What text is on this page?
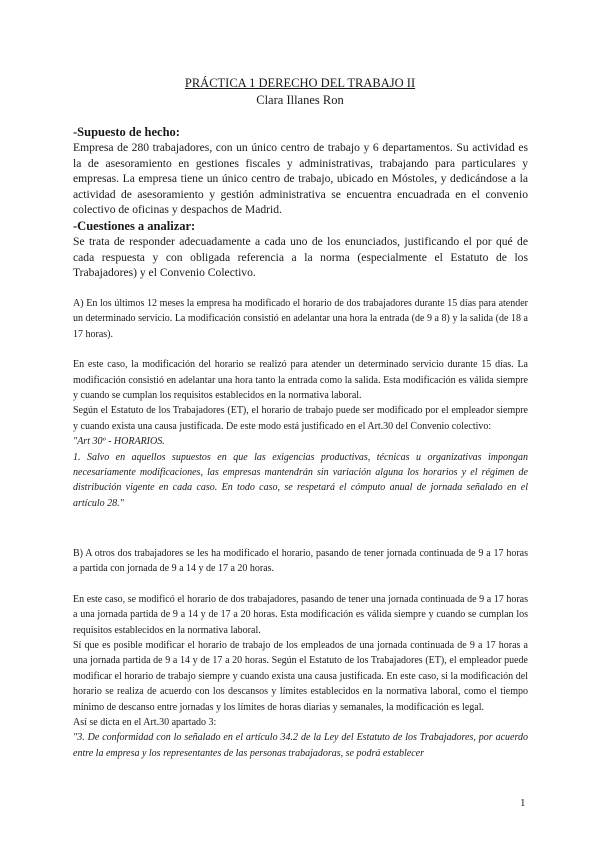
PRÁCTICA 1 DERECHO DEL TRABAJO II
Clara Illanes Ron
-Supuesto de hecho:

Empresa de 280 trabajadores, con un único centro de trabajo y 6 departamentos. Su actividad es la de asesoramiento en gestiones fiscales y administrativas, trabajando para particulares y empresas. La empresa tiene un único centro de trabajo, ubicado en Móstoles, y dedicándose a la actividad de asesoramiento y gestión administrativa se encuentra encuadrada en el convenio colectivo de oficinas y despachos de Madrid.

-Cuestiones a analizar:

Se trata de responder adecuadamente a cada uno de los enunciados, justificando el por qué de cada respuesta y con obligada referencia a la norma (especialmente el Estatuto de los Trabajadores) y el Convenio Colectivo.

A) En los últimos 12 meses la empresa ha modificado el horario de dos trabajadores durante 15 días para atender un determinado servicio. La modificación consistió en adelantar una hora la entrada (de 9 a 8) y la salida (de 18 a 17 horas).

En este caso, la modificación del horario se realizó para atender un determinado servicio durante 15 días. La modificación consistió en adelantar una hora tanto la entrada como la salida. Esta modificación es válida siempre y cuando se cumplan los requisitos establecidos en la normativa laboral.

Según el Estatuto de los Trabajadores (ET), el horario de trabajo puede ser modificado por el empleador siempre y cuando exista una causa justificada. De este modo está justificado en el Art.30 del Convenio colectivo:

"Art 30º - HORARIOS.

1. Salvo en aquellos supuestos en que las exigencias productivas, técnicas u organizativas impongan necesariamente modificaciones, las empresas mantendrán sin variación alguna los horarios y el régimen de distribución vigente en cada caso. En todo caso, se respetará el cómputo anual de jornada señalado en el artículo 28."

B) A otros dos trabajadores se les ha modificado el horario, pasando de tener jornada continuada de 9 a 17 horas a partida con jornada de 9 a 14 y de 17 a 20 horas.

En este caso, se modificó el horario de dos trabajadores, pasando de tener una jornada continuada de 9 a 17 horas a una jornada partida de 9 a 14 y de 17 a 20 horas. Esta modificación es válida siempre y cuando se cumplan los requisitos establecidos en la normativa laboral.

Sí que es posible modificar el horario de trabajo de los empleados de una jornada continuada de 9 a 17 horas a una jornada partida de 9 a 14 y de 17 a 20 horas. Según el Estatuto de los Trabajadores (ET), el empleador puede modificar el horario de trabajo siempre y cuando exista una causa justificada. En este caso, si la modificación del horario se realiza de acuerdo con los descansos y límites establecidos en la normativa laboral, como el tiempo mínimo de descanso entre jornadas y los límites de horas diarias y semanales, la modificación es legal.

Así se dicta en el Art.30 apartado 3:

"3. De conformidad con lo señalado en el artículo 34.2 de la Ley del Estatuto de los Trabajadores, por acuerdo entre la empresa y los representantes de las personas trabajadoras, se podrá establecer

1
